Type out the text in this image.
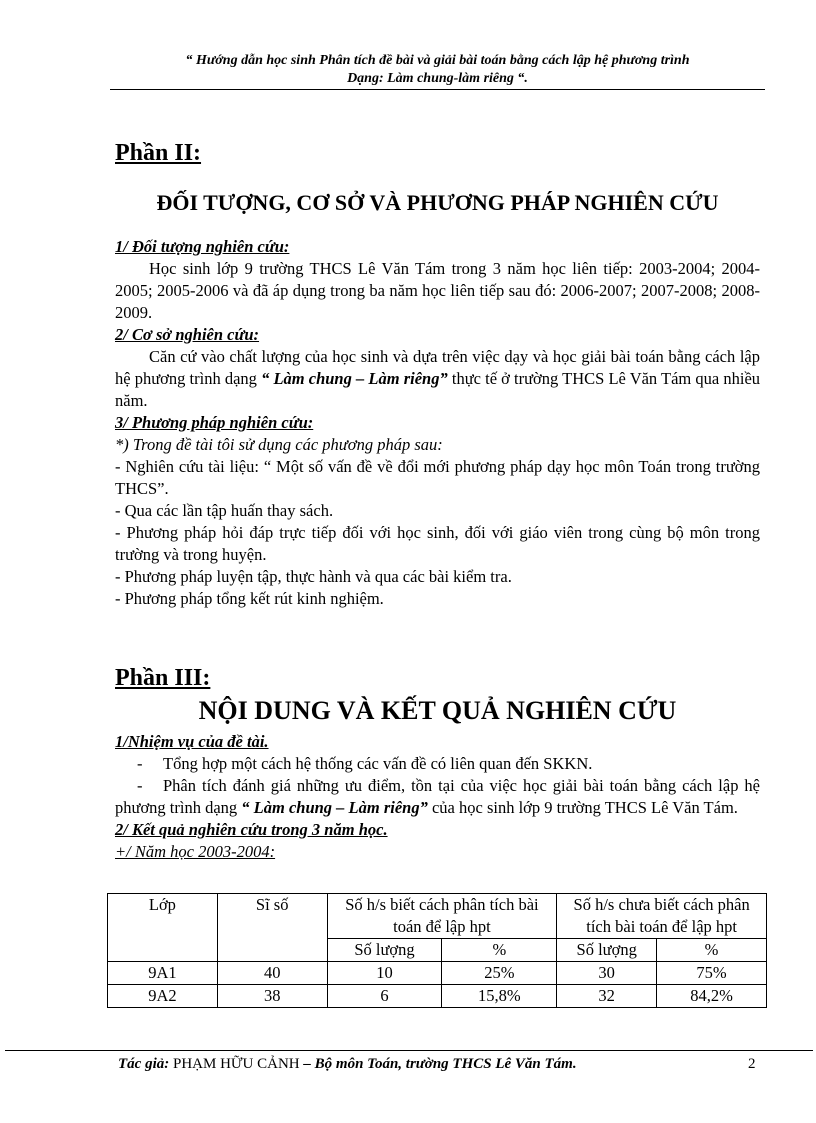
“ Hướng dẫn học sinh Phân tích đề bài và giải bài toán bằng cách lập hệ phương trình
Dạng: Làm chung-làm riêng “.
Phần II:
ĐỐI TƯỢNG, CƠ SỞ VÀ PHƯƠNG PHÁP NGHIÊN CỨU
1/ Đối tượng nghiên cứu:

Học sinh lớp 9 trường THCS Lê Văn Tám trong 3 năm học liên tiếp: 2003-2004; 2004-2005; 2005-2006 và đã áp dụng trong ba năm học liên tiếp sau đó: 2006-2007; 2007-2008; 2008-2009.

2/ Cơ sở nghiên cứu:

Căn cứ vào chất lượng của học sinh và dựa trên việc dạy và học giải bài toán bằng cách lập hệ phương trình dạng “ Làm chung – Làm riêng” thực tế ở trường THCS Lê Văn Tám qua nhiều năm.

3/ Phương pháp nghiên cứu:

*) Trong đề tài tôi sử dụng các phương pháp sau:

- Nghiên cứu tài liệu: “ Một số vấn đề về đổi mới phương pháp dạy học môn Toán trong trường THCS”.

- Qua các lần tập huấn thay sách.

- Phương pháp hỏi đáp trực tiếp đối với học sinh, đối với giáo viên trong cùng bộ môn trong trường và trong huyện.

- Phương pháp luyện tập, thực hành và qua các bài kiểm tra.

- Phương pháp tổng kết rút kinh nghiệm.

Phần III:
NỘI DUNG VÀ KẾT QUẢ NGHIÊN CỨU
1/Nhiệm vụ của đề tài.

- Tổng hợp một cách hệ thống các vấn đề có liên quan đến SKKN.

- Phân tích đánh giá những ưu điểm, tồn tại của việc học giải bài toán bằng cách lập hệ phương trình dạng “ Làm chung – Làm riêng” của học sinh lớp 9 trường THCS Lê Văn Tám.

2/ Kết quả nghiên cứu trong 3 năm học.
+/ Năm học 2003-2004:
Lớp	Sĩ số	Số h/s biết cách phân tích bài toán để lập hpt		Số h/s chưa biết cách phân tích bài toán để lập hpt	
		Số lượng	%	Số lượng	%
9A1	40	10	25%	30	75%
9A2	38	6	15,8%	32	84,2%
Tác giả: PHẠM HỮU CẢNH – Bộ môn Toán, trường THCS Lê Văn Tám.	2
